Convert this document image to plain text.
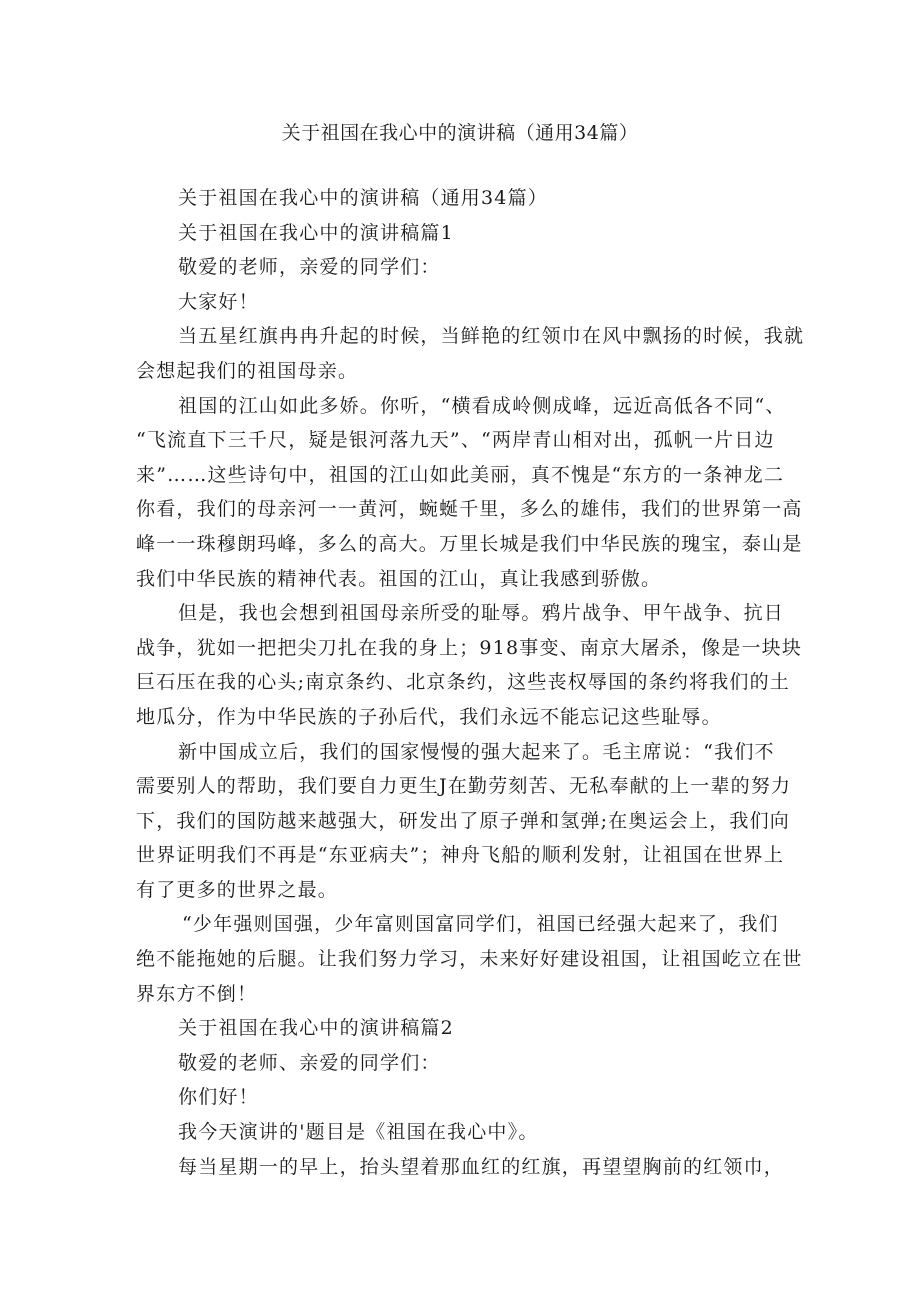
关于祖国在我心中的演讲稿（通用34篇）
关于祖国在我心中的演讲稿（通用34篇）
关于祖国在我心中的演讲稿篇1
敬爱的老师，亲爱的同学们：
大家好！
当五星红旗冉冉升起的时候，当鲜艳的红领巾在风中飘扬的时候，我就
会想起我们的祖国母亲。
祖国的江山如此多娇。你听，“横看成岭侧成峰，远近高低各不同“、
“飞流直下三千尺，疑是银河落九天”、“两岸青山相对出，孤帆一片日边
来”……这些诗句中，祖国的江山如此美丽，真不愧是“东方的一条神龙二
你看，我们的母亲河一一黄河，蜿蜒千里，多么的雄伟，我们的世界第一高
峰一一珠穆朗玛峰，多么的高大。万里长城是我们中华民族的瑰宝，泰山是
我们中华民族的精神代表。祖国的江山，真让我感到骄傲。
但是，我也会想到祖国母亲所受的耻辱。鸦片战争、甲午战争、抗日
战争，犹如一把把尖刀扎在我的身上；918事变、南京大屠杀，像是一块块
巨石压在我的心头;南京条约、北京条约，这些丧权辱国的条约将我们的土
地瓜分，作为中华民族的子孙后代，我们永远不能忘记这些耻辱。
新中国成立后，我们的国家慢慢的强大起来了。毛主席说：“我们不
需要别人的帮助，我们要自力更生J在勤劳刻苦、无私奉献的上一辈的努力
下，我们的国防越来越强大，研发出了原子弹和氢弹;在奥运会上，我们向
世界证明我们不再是“东亚病夫”；神舟飞船的顺利发射，让祖国在世界上
有了更多的世界之最。
“少年强则国强，少年富则国富同学们，祖国已经强大起来了，我们
绝不能拖她的后腿。让我们努力学习，未来好好建设祖国，让祖国屹立在世
界东方不倒！
关于祖国在我心中的演讲稿篇2
敬爱的老师、亲爱的同学们：
你们好！
我今天演讲的'题目是《祖国在我心中》。
每当星期一的早上，抬头望着那血红的红旗，再望望胸前的红领巾，
